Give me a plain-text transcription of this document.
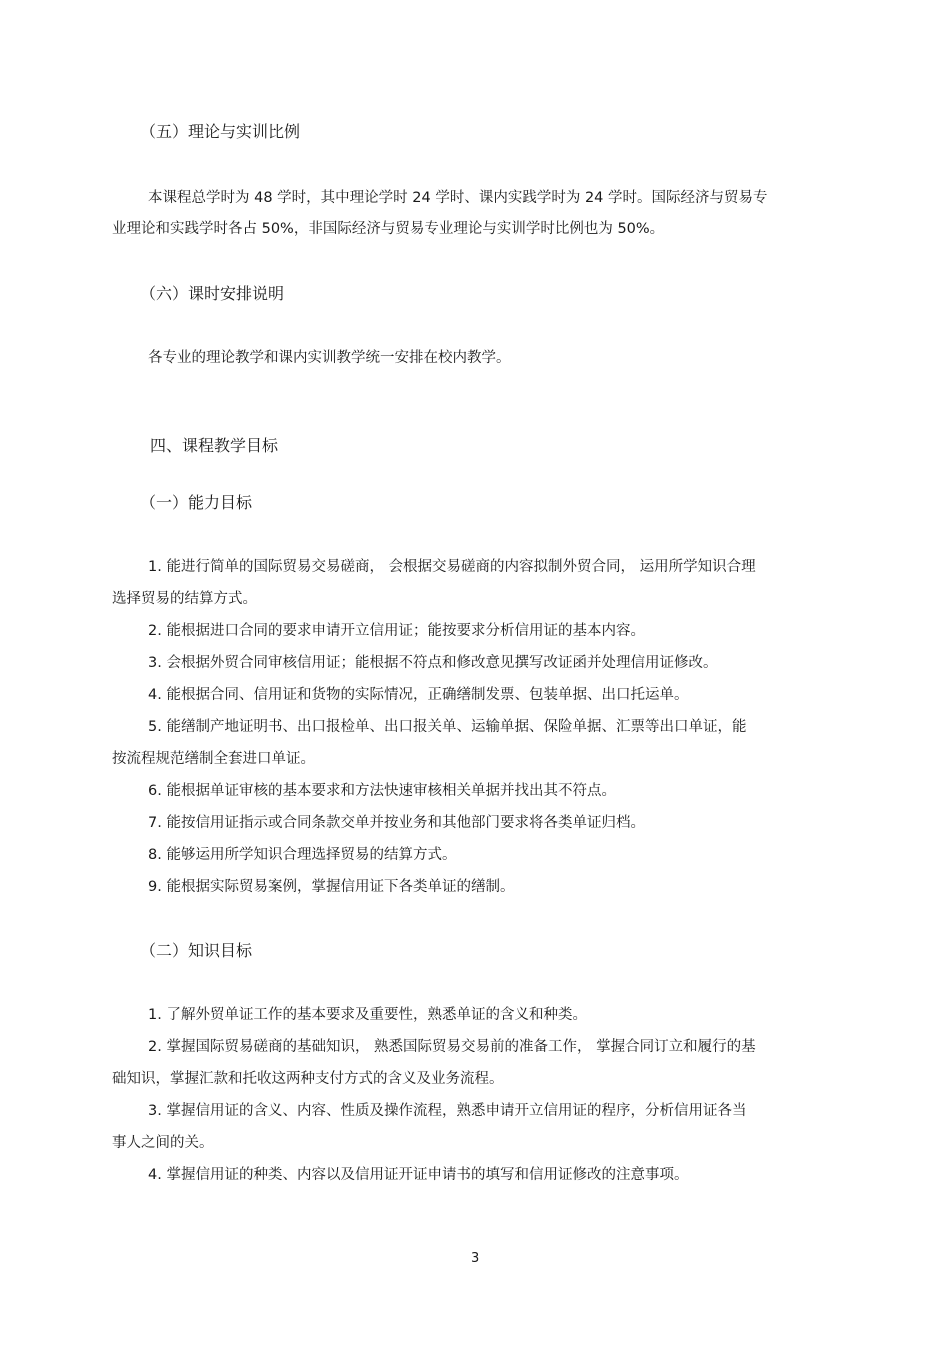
（五）理论与实训比例
本课程总学时为 48 学时，其中理论学时 24 学时、课内实践学时为 24 学时。国际经济与贸易专
业理论和实践学时各占 50%，非国际经济与贸易专业理论与实训学时比例也为 50%。
（六）课时安排说明
各专业的理论教学和课内实训教学统一安排在校内教学。
四、课程教学目标
（一）能力目标
1. 能进行简单的国际贸易交易磋商， 会根据交易磋商的内容拟制外贸合同， 运用所学知识合理
选择贸易的结算方式。
2. 能根据进口合同的要求申请开立信用证；能按要求分析信用证的基本内容。
3. 会根据外贸合同审核信用证；能根据不符点和修改意见撰写改证函并处理信用证修改。
4. 能根据合同、信用证和货物的实际情况，正确缮制发票、包装单据、出口托运单。
5. 能缮制产地证明书、出口报检单、出口报关单、运输单据、保险单据、汇票等出口单证，能
按流程规范缮制全套进口单证。
6. 能根据单证审核的基本要求和方法快速审核相关单据并找出其不符点。
7. 能按信用证指示或合同条款交单并按业务和其他部门要求将各类单证归档。
8. 能够运用所学知识合理选择贸易的结算方式。
9. 能根据实际贸易案例，掌握信用证下各类单证的缮制。
（二）知识目标
1. 了解外贸单证工作的基本要求及重要性，熟悉单证的含义和种类。
2. 掌握国际贸易磋商的基础知识， 熟悉国际贸易交易前的准备工作， 掌握合同订立和履行的基
础知识，掌握汇款和托收这两种支付方式的含义及业务流程。
3. 掌握信用证的含义、内容、性质及操作流程，熟悉申请开立信用证的程序，分析信用证各当
事人之间的关。
4. 掌握信用证的种类、内容以及信用证开证申请书的填写和信用证修改的注意事项。
3
